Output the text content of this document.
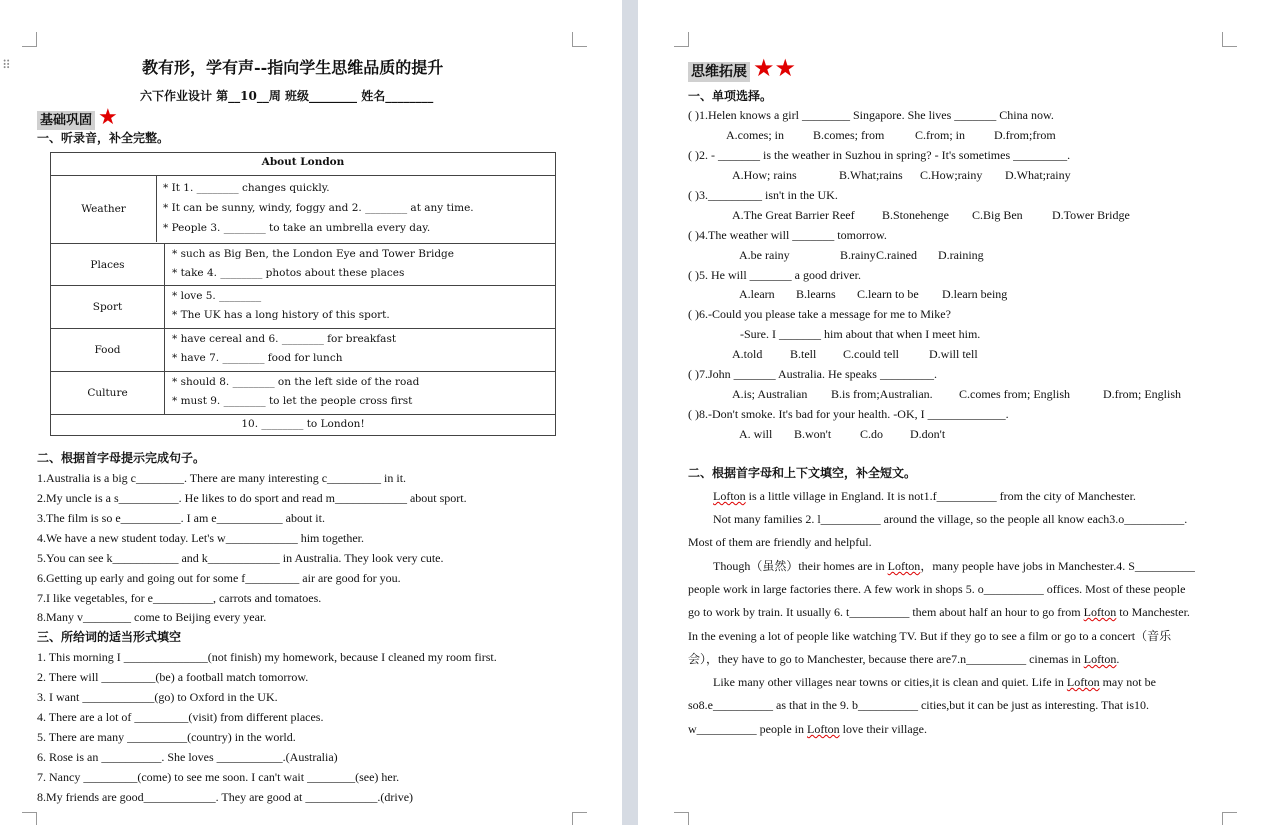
⠿	教有形，学有声--指向学生思维品质的提升
六下作业设计 第__10__周 班级________ 姓名________
基础巩固 ★
一、听录音，补全完整。
About London
Weather
* It 1. ________ changes quickly.
* It can be sunny, windy, foggy and 2. ________ at any time.
* People 3. ________ to take an umbrella every day.
Places
* such as Big Ben, the London Eye and Tower Bridge
* take 4. ________ photos about these places
Sport
* love 5. ________
* The UK has a long history of this sport.
Food
* have cereal and 6. ________ for breakfast
* have 7. ________ food for lunch
Culture
* should 8. ________ on the left side of the road
* must 9. ________ to let the people cross first
10. ________ to London!
二、根据首字母提示完成句子。
1.Australia is a big c________. There are many interesting c_________ in it.
2.My uncle is a s__________. He likes to do sport and read m____________ about sport.
3.The film is so e__________. I am e___________ about it.
4.We have a new student today. Let's w____________ him together.
5.You can see k___________ and k____________ in Australia. They look very cute.
6.Getting up early and going out for some f_________ air are good for you.
7.I like vegetables, for e__________, carrots and tomatoes.
8.Many v________ come to Beijing every year.
三、所给词的适当形式填空
1. This morning I ______________(not finish) my homework, because I cleaned my room first.
2. There will _________(be) a football match tomorrow.
3. I want ____________(go) to Oxford in the UK.
4. There are a lot of _________(visit) from different places.
5. There are many __________(country) in the world.
6. Rose is an __________. She loves ___________.(Australia)
7. Nancy _________(come) to see me soon. I can't wait ________(see) her.
8.My friends are good____________. They are good at ____________.(drive)
思维拓展 ★★
一、单项选择。
( )1.Helen knows a girl ________ Singapore. She lives _______ China now.
A.comes; in B.comes; from	C.from; in D.from;from
( )2. - _______ is the weather in Suzhou in spring? - It's sometimes _________.
A.How; rains	B.What;rains C.How;rainy D.What;rainy
( )3._________ isn't in the UK.
A.The Great Barrier Reef B.Stonehenge C.Big Ben D.Tower Bridge
( )4.The weather will _______ tomorrow.
A.be rainy	B.rainy C.rained D.raining
( )5. He will _______ a good driver.
A.learn B.learns C.learn to be D.learn being
( )6.-Could you please take a message for me to Mike?
-Sure. I _______ him about that when I meet him.
A.told B.tell C.could tell	D.will tell
( )7.John _______ Australia. He speaks _________.
A.is; Australian B.is from;Australian. C.comes from; English	D.from; English
( )8.-Don't smoke. It's bad for your health. -OK, I _____________.
A. will B.won't C.do D.don't
二、根据首字母和上下文填空，补全短文。
Lofton is a little village in England. It is not1.f__________ from the city of Manchester.
Not many families 2. l__________ around the village, so the people all know each3.o__________.
Most of them are friendly and helpful.
Though（虽然）their homes are in Lofton，many people have jobs in Manchester.4. S__________
people work in large factories there. A few work in shops 5. o__________ offices. Most of these people
go to work by train. It usually 6. t__________ them about half an hour to go from Lofton to Manchester.
In the evening a lot of people like watching TV. But if they go to see a film or go to a concert（音乐
会），they have to go to Manchester, because there are7.n__________ cinemas in Lofton.
Like many other villages near towns or cities,it is clean and quiet. Life in Lofton may not be
so8.e__________ as that in the 9. b__________ cities,but it can be just as interesting. That is10.
w__________ people in Lofton love their village.
